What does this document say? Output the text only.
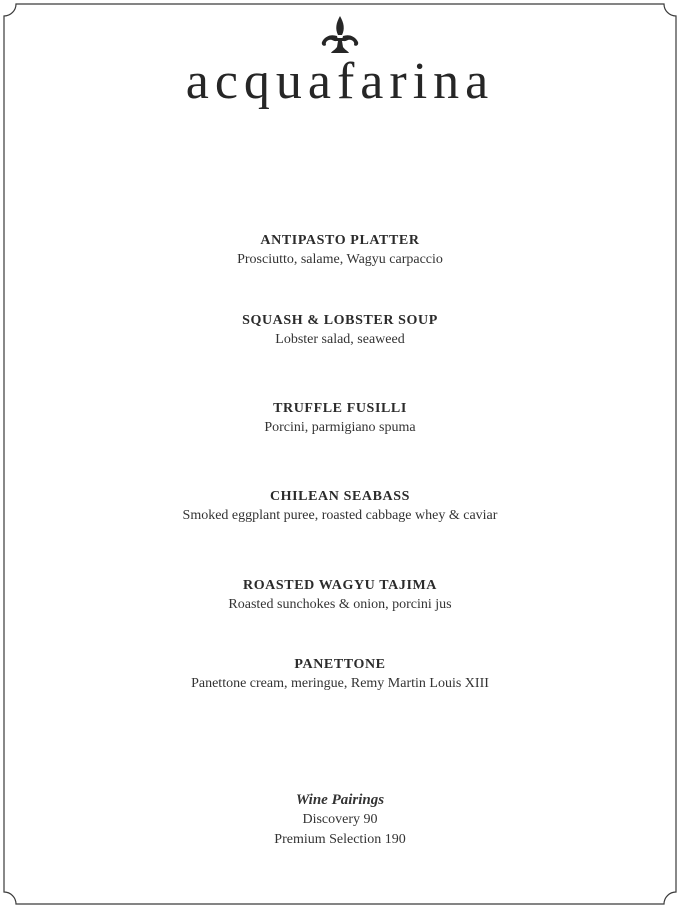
acquafarina
ANTIPASTO PLATTER
Prosciutto, salame, Wagyu carpaccio
SQUASH & LOBSTER SOUP
Lobster salad, seaweed
TRUFFLE FUSILLI
Porcini, parmigiano spuma
CHILEAN SEABASS
Smoked eggplant puree, roasted cabbage whey & caviar
ROASTED WAGYU TAJIMA
Roasted sunchokes & onion, porcini jus
PANETTONE
Panettone cream, meringue, Remy Martin Louis XIII
Wine Pairings
Discovery 90
Premium Selection 190
